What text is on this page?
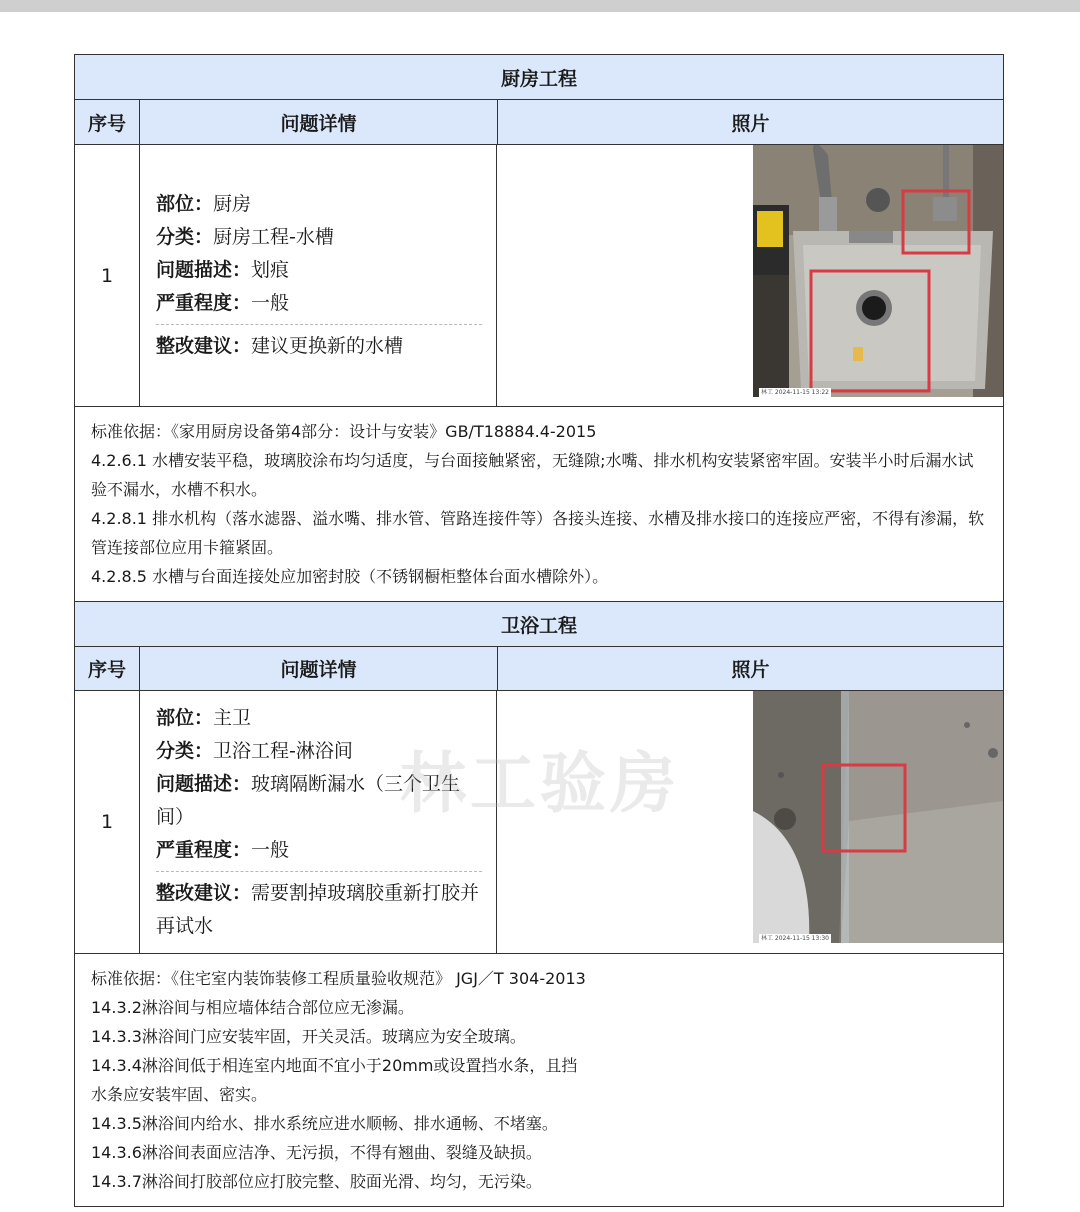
厨房工程
序号	问题详情	照片
1
部位：厨房
分类：厨房工程-水槽
问题描述：划痕
严重程度：一般
整改建议：建议更换新的水槽
林工 2024-11-15 13:22
标准依据：《家用厨房设备第4部分：设计与安装》GB/T18884.4-2015
4.2.6.1 水槽安装平稳，玻璃胶涂布均匀适度，与台面接触紧密，无缝隙;水嘴、排水机构安装紧密牢固。安装半小时后漏水试验不漏水，水槽不积水。
4.2.8.1 排水机构（落水滤器、溢水嘴、排水管、管路连接件等）各接头连接、水槽及排水接口的连接应严密，不得有渗漏，软管连接部位应用卡箍紧固。
4.2.8.5 水槽与台面连接处应加密封胶（不锈钢橱柜整体台面水槽除外）。
卫浴工程
序号	问题详情	照片
1
部位：主卫
分类：卫浴工程-淋浴间
问题描述：玻璃隔断漏水（三个卫生间）
严重程度：一般
整改建议：需要割掉玻璃胶重新打胶并再试水
林工 2024-11-15 13:30
标准依据：《住宅室内装饰装修工程质量验收规范》 JGJ／T 304-2013
14.3.2淋浴间与相应墙体结合部位应无渗漏。
14.3.3淋浴间门应安装牢固，开关灵活。玻璃应为安全玻璃。
14.3.4淋浴间低于相连室内地面不宜小于20mm或设置挡水条，且挡水条应安装牢固、密实。
14.3.5淋浴间内给水、排水系统应进水顺畅、排水通畅、不堵塞。
14.3.6淋浴间表面应洁净、无污损，不得有翘曲、裂缝及缺损。
14.3.7淋浴间打胶部位应打胶完整、胶面光滑、均匀，无污染。
林工验房
